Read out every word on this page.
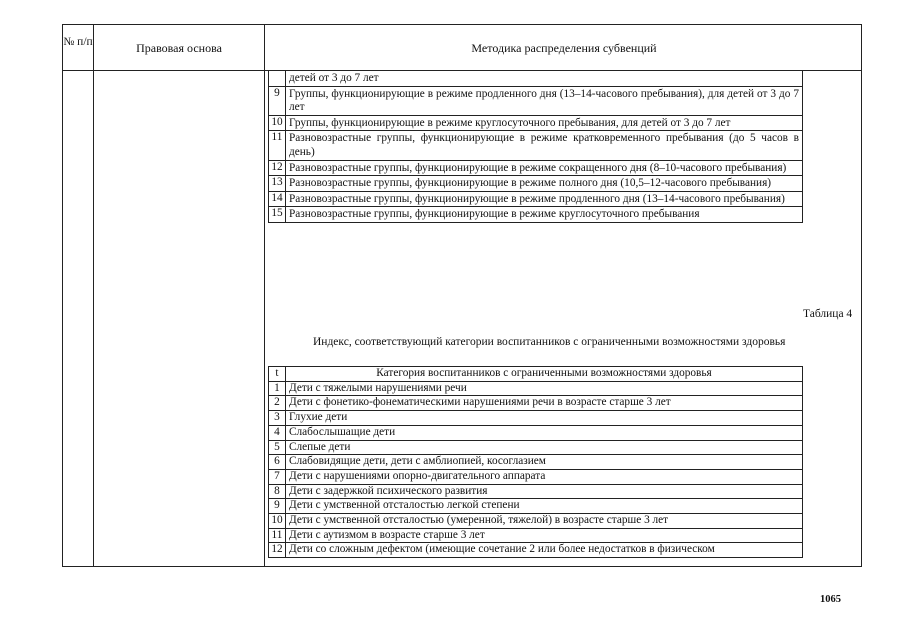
№ п/п	Правовая основа	Методика распределения субвенций
	детей от 3 до 7 лет
9	Группы, функционирующие в режиме продленного дня (13–14-часового пребывания), для детей от 3 до 7 лет
10	Группы, функционирующие в режиме круглосуточного пребывания, для детей от 3 до 7 лет
11	Разновозрастные группы, функционирующие в режиме кратковременного пребывания (до 5 часов в день)
12	Разновозрастные группы, функционирующие в режиме сокращенного дня (8–10-часового пребывания)
13	Разновозрастные группы, функционирующие в режиме полного дня (10,5–12-часового пребывания)
14	Разновозрастные группы, функционирующие в режиме продленного дня (13–14-часового пребывания)
15	Разновозрастные группы, функционирующие в режиме круглосуточного пребывания
Таблица 4
Индекс, соответствующий категории воспитанников с ограниченными возможностями здоровья
t	Категория воспитанников с ограниченными возможностями здоровья
1	Дети с тяжелыми нарушениями речи
2	Дети с фонетико-фонематическими нарушениями речи в возрасте старше 3 лет
3	Глухие дети
4	Слабослышащие дети
5	Слепые дети
6	Слабовидящие дети, дети с амблиопией, косоглазием
7	Дети с нарушениями опорно-двигательного аппарата
8	Дети с задержкой психического развития
9	Дети с умственной отсталостью легкой степени
10	Дети с умственной отсталостью (умеренной, тяжелой) в возрасте старше 3 лет
11	Дети с аутизмом в возрасте старше 3 лет
12	Дети со сложным дефектом (имеющие сочетание 2 или более недостатков в физическом
1065
